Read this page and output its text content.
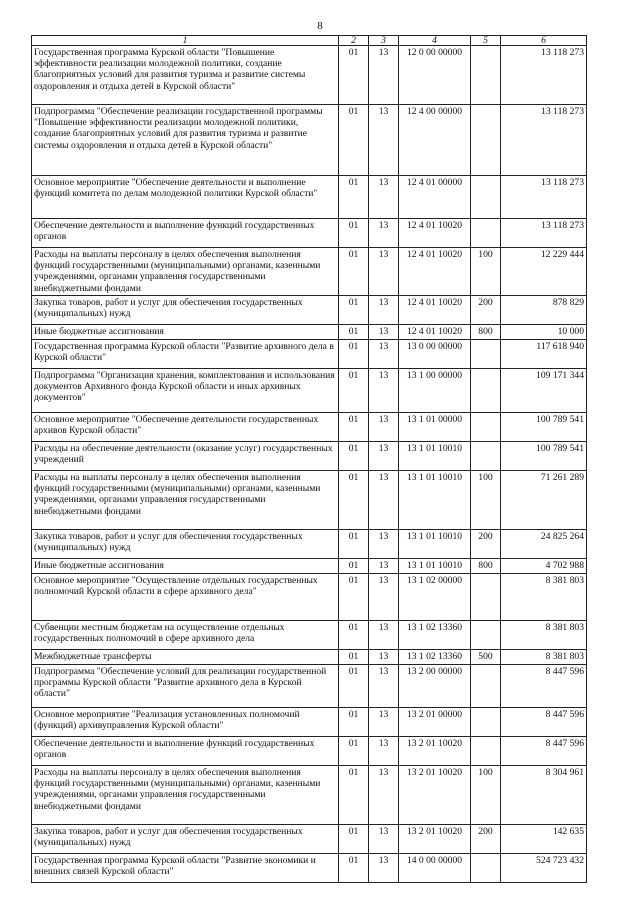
8
1	2	3	4	5	6
Государственная программа Курской области "Повышение эффективности реализации молодежной политики, создание благоприятных условий для развития туризма и развитие системы оздоровления и отдыха детей в Курской области"	01	13	12 0 00 00000		13 118 273
Подпрограмма "Обеспечение реализации государственной программы "Повышение эффективности реализации молодежной политики, создание благоприятных условий для развития туризма и развитие системы оздоровления и отдыха детей в Курской области"	01	13	12 4 00 00000		13 118 273
Основное мероприятие "Обеспечение деятельности и выполнение функций комитета по делам молодежной политики Курской области"	01	13	12 4 01 00000		13 118 273
Обеспечение деятельности и выполнение функций государственных органов	01	13	12 4 01 10020		13 118 273
Расходы на выплаты персоналу в целях обеспечения выполнения функций государственными (муниципальными) органами, казенными учреждениями, органами управления государственными внебюджетными фондами	01	13	12 4 01 10020	100	12 229 444
Закупка товаров, работ и услуг для обеспечения государственных (муниципальных) нужд	01	13	12 4 01 10020	200	878 829
Иные бюджетные ассигнования	01	13	12 4 01 10020	800	10 000
Государственная программа Курской области "Развитие архивного дела в Курской области"	01	13	13 0 00 00000		117 618 940
Подпрограмма "Организация хранения, комплектования и использования документов Архивного фонда Курской области и иных архивных документов"	01	13	13 1 00 00000		109 171 344
Основное мероприятие "Обеспечение деятельности государственных архивов Курской области"	01	13	13 1 01 00000		100 789 541
Расходы на обеспечение деятельности (оказание услуг) государственных учреждений	01	13	13 1 01 10010		100 789 541
Расходы на выплаты персоналу в целях обеспечения выполнения функций государственными (муниципальными) органами, казенными учреждениями, органами управления государственными внебюджетными фондами	01	13	13 1 01 10010	100	71 261 289
Закупка товаров, работ и услуг для обеспечения государственных (муниципальных) нужд	01	13	13 1 01 10010	200	24 825 264
Иные бюджетные ассигнования	01	13	13 1 01 10010	800	4 702 988
Основное мероприятие "Осуществление отдельных государственных полномочий Курской области в сфере архивного дела"	01	13	13 1 02 00000		8 381 803
Субвенции местным бюджетам на осуществление отдельных государственных полномочий в сфере архивного дела	01	13	13 1 02 13360		8 381 803
Межбюджетные трансферты	01	13	13 1 02 13360	500	8 381 803
Подпрограмма "Обеспечение условий для реализации государственной программы Курской области "Развитие архивного дела в Курской области"	01	13	13 2 00 00000		8 447 596
Основное мероприятие "Реализация установленных полномочий (функций) архивуправления Курской области"	01	13	13 2 01 00000		8 447 596
Обеспечение деятельности и выполнение функций государственных органов	01	13	13 2 01 10020		8 447 596
Расходы на выплаты персоналу в целях обеспечения выполнения функций государственными (муниципальными) органами, казенными учреждениями, органами управления государственными внебюджетными фондами	01	13	13 2 01 10020	100	8 304 961
Закупка товаров, работ и услуг для обеспечения государственных (муниципальных) нужд	01	13	13 2 01 10020	200	142 635
Государственная программа Курской области "Развитие экономики и внешних связей Курской области"	01	13	14 0 00 00000		524 723 432
